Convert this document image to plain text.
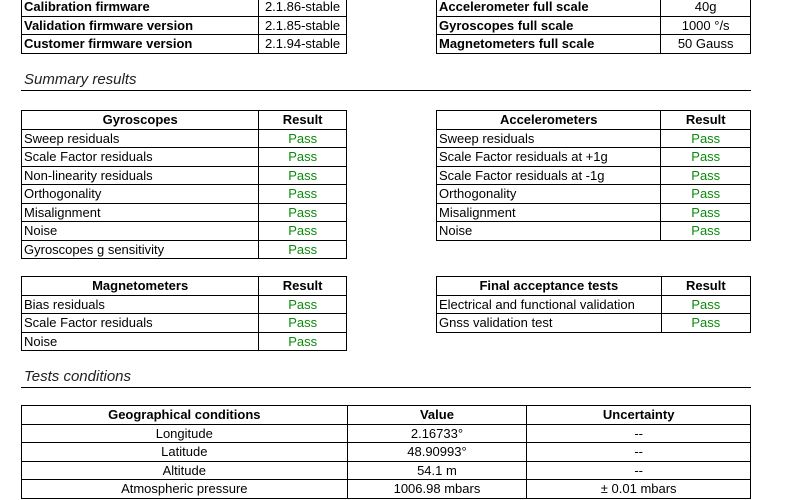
Calibration firmware	2.1.86-stable
Validation firmware version	2.1.85-stable
Customer firmware version	2.1.94-stable
Accelerometer full scale	40g
Gyroscopes full scale	1000 °/s
Magnetometers full scale	50 Gauss
Summary results
Gyroscopes	Result
Sweep residuals	Pass
Scale Factor residuals	Pass
Non-linearity residuals	Pass
Orthogonality	Pass
Misalignment	Pass
Noise	Pass
Gyroscopes g sensitivity	Pass
Accelerometers	Result
Sweep residuals	Pass
Scale Factor residuals at +1g	Pass
Scale Factor residuals at -1g	Pass
Orthogonality	Pass
Misalignment	Pass
Noise	Pass
Magnetometers	Result
Bias residuals	Pass
Scale Factor residuals	Pass
Noise	Pass
Final acceptance tests	Result
Electrical and functional validation	Pass
Gnss validation test	Pass
Tests conditions
Geographical conditions	Value	Uncertainty
Longitude	2.16733°	--
Latitude	48.90993°	--
Altitude	54.1 m	--
Atmospheric pressure	1006.98 mbars	± 0.01 mbars
